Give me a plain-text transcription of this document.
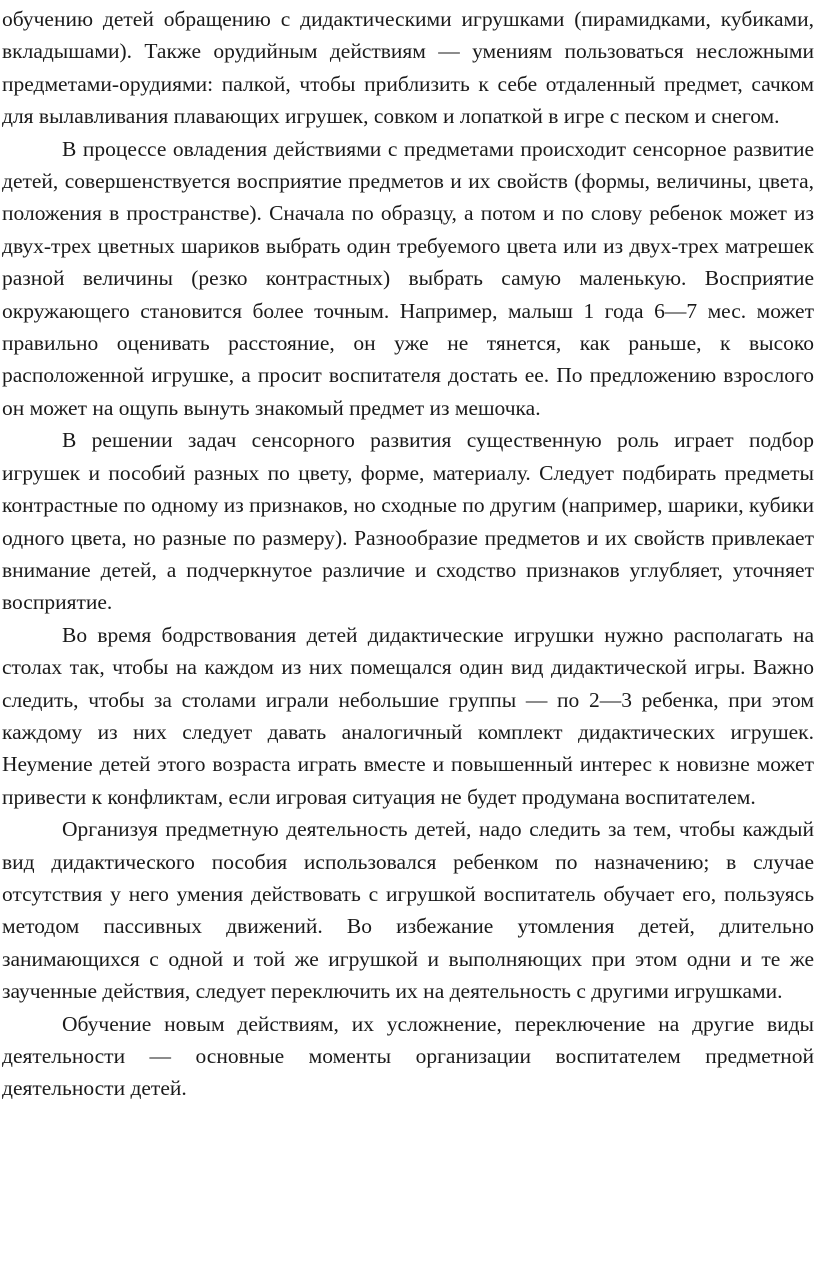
обучению детей обращению с дидактическими игрушками (пирамидками, кубиками, вкладышами). Также орудийным действиям — умениям пользоваться несложными предметами-орудиями: палкой, чтобы приблизить к себе отдаленный предмет, сачком для вылавливания плавающих игрушек, совком и лопаткой в игре с песком и снегом.

В процессе овладения действиями с предметами происходит сенсорное развитие детей, совершенствуется восприятие предметов и их свойств (формы, величины, цвета, положения в пространстве). Сначала по образцу, а потом и по слову ребенок может из двух-трех цветных шариков выбрать один требуемого цвета или из двух-трех матрешек разной величины (резко контрастных) выбрать самую маленькую. Восприятие окружающего становится более точным. Например, малыш 1 года 6—7 мес. может правильно оценивать расстояние, он уже не тянется, как раньше, к высоко расположенной игрушке, а просит воспитателя достать ее. По предложению взрослого он может на ощупь вынуть знакомый предмет из мешочка.

В решении задач сенсорного развития существенную роль играет подбор игрушек и пособий разных по цвету, форме, материалу. Следует подбирать предметы контрастные по одному из признаков, но сходные по другим (например, шарики, кубики одного цвета, но разные по размеру). Разнообразие предметов и их свойств привлекает внимание детей, а подчеркнутое различие и сходство признаков углубляет, уточняет восприятие.

Во время бодрствования детей дидактические игрушки нужно располагать на столах так, чтобы на каждом из них помещался один вид дидактической игры. Важно следить, чтобы за столами играли небольшие группы — по 2—3 ребенка, при этом каждому из них следует давать аналогичный комплект дидактических игрушек. Неумение детей этого возраста играть вместе и повышенный интерес к новизне может привести к конфликтам, если игровая ситуация не будет продумана воспитателем.

Организуя предметную деятельность детей, надо следить за тем, чтобы каждый вид дидактического пособия использовался ребенком по назначению; в случае отсутствия у него умения действовать с игрушкой воспитатель обучает его, пользуясь методом пассивных движений. Во избежание утомления детей, длительно занимающихся с одной и той же игрушкой и выполняющих при этом одни и те же заученные действия, следует переключить их на деятельность с другими игрушками.

Обучение новым действиям, их усложнение, переключение на другие виды деятельности — основные моменты организации воспитателем предметной деятельности детей.
